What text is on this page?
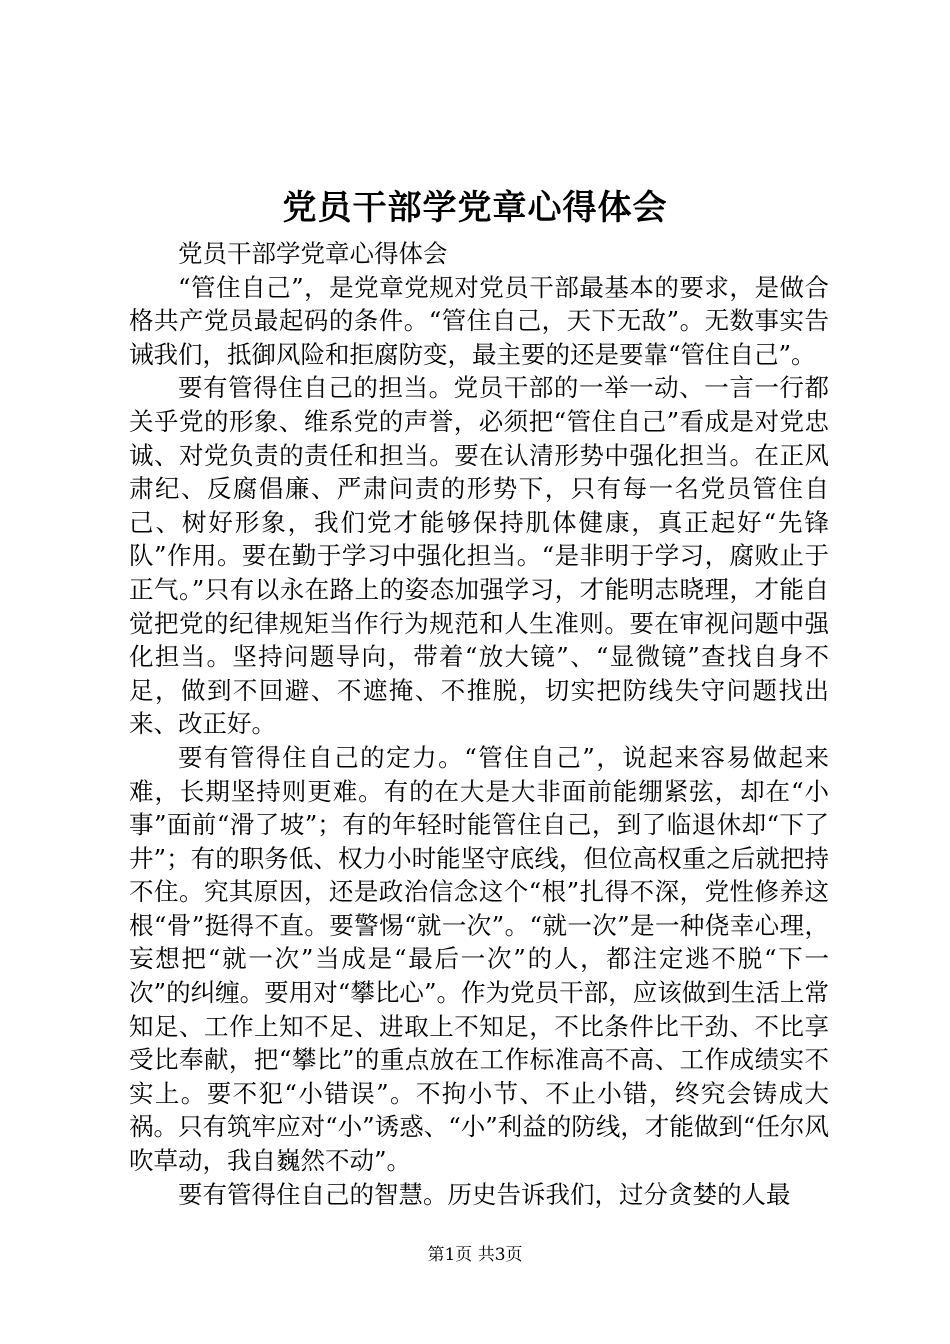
党员干部学党章心得体会

党员干部学党章心得体会

“管住自己”，是党章党规对党员干部最基本的要求，是做合格共产党员最起码的条件。“管住自己，天下无敌”。无数事实告诫我们，抵御风险和拒腐防变，最主要的还是要靠“管住自己”。

要有管得住自己的担当。党员干部的一举一动、一言一行都关乎党的形象、维系党的声誉，必须把“管住自己”看成是对党忠诚、对党负责的责任和担当。要在认清形势中强化担当。在正风肃纪、反腐倡廉、严肃问责的形势下，只有每一名党员管住自己、树好形象，我们党才能够保持肌体健康，真正起好“先锋队”作用。要在勤于学习中强化担当。“是非明于学习，腐败止于正气。”只有以永在路上的姿态加强学习，才能明志晓理，才能自觉把党的纪律规矩当作行为规范和人生准则。要在审视问题中强化担当。坚持问题导向，带着“放大镜”、“显微镜”查找自身不足，做到不回避、不遮掩、不推脱，切实把防线失守问题找出来、改正好。

要有管得住自己的定力。“管住自己”，说起来容易做起来难，长期坚持则更难。有的在大是大非面前能绷紧弦，却在“小事”面前“滑了坡”；有的年轻时能管住自己，到了临退休却“下了井”；有的职务低、权力小时能坚守底线，但位高权重之后就把持不住。究其原因，还是政治信念这个“根”扎得不深，党性修养这根“骨”挺得不直。要警惕“就一次”。“就一次”是一种侥幸心理，妄想把“就一次”当成是“最后一次”的人，都注定逃不脱“下一次”的纠缠。要用对“攀比心”。作为党员干部，应该做到生活上常知足、工作上知不足、进取上不知足，不比条件比干劲、不比享受比奉献，把“攀比”的重点放在工作标准高不高、工作成绩实不实上。要不犯“小错误”。不拘小节、不止小错，终究会铸成大祸。只有筑牢应对“小”诱惑、“小”利益的防线，才能做到“任尔风吹草动，我自巍然不动”。

要有管得住自己的智慧。历史告诉我们，过分贪婪的人最

第1页 共3页
